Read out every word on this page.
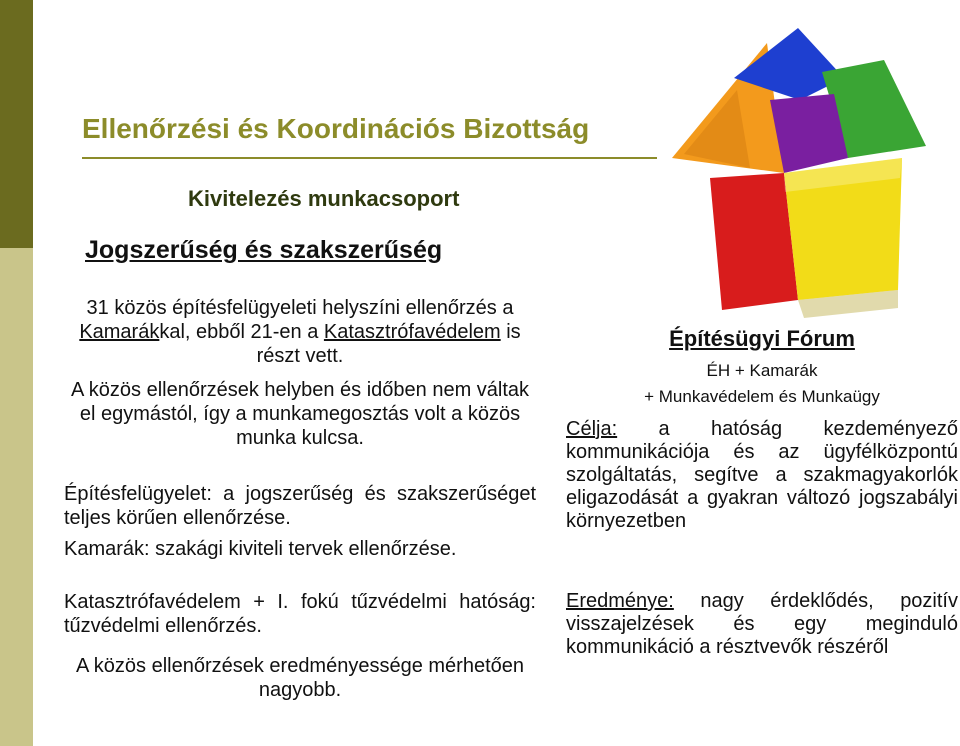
Ellenőrzési és Koordinációs Bizottság
Kivitelezés munkacsoport
Jogszerűség és szakszerűség
31 közös építésfelügyeleti helyszíni ellenőrzés a Kamarákkal, ebből 21-en a Katasztrófavédelem is részt vett.
A közös ellenőrzések helyben és időben nem váltak el egymástól, így a munkamegosztás volt a közös munka kulcsa.
Építésfelügyelet: a jogszerűség és szakszerűséget teljes körűen ellenőrzése.
Kamarák: szakági kiviteli tervek ellenőrzése.
Katasztrófavédelem + I. fokú tűzvédelmi hatóság: tűzvédelmi ellenőrzés.
A közös ellenőrzések eredményessége mérhetően nagyobb.
Építésügyi Fórum
ÉH + Kamarák
+ Munkavédelem és Munkaügy
Célja: a hatóság kezdeményező kommunikációja és az ügyfélközpontú szolgáltatás, segítve a szakmagyakorlók eligazodását a gyakran változó jogszabályi környezetben
Eredménye: nagy érdeklődés, pozitív visszajelzések és egy meginduló kommunikáció a résztvevők részéről
